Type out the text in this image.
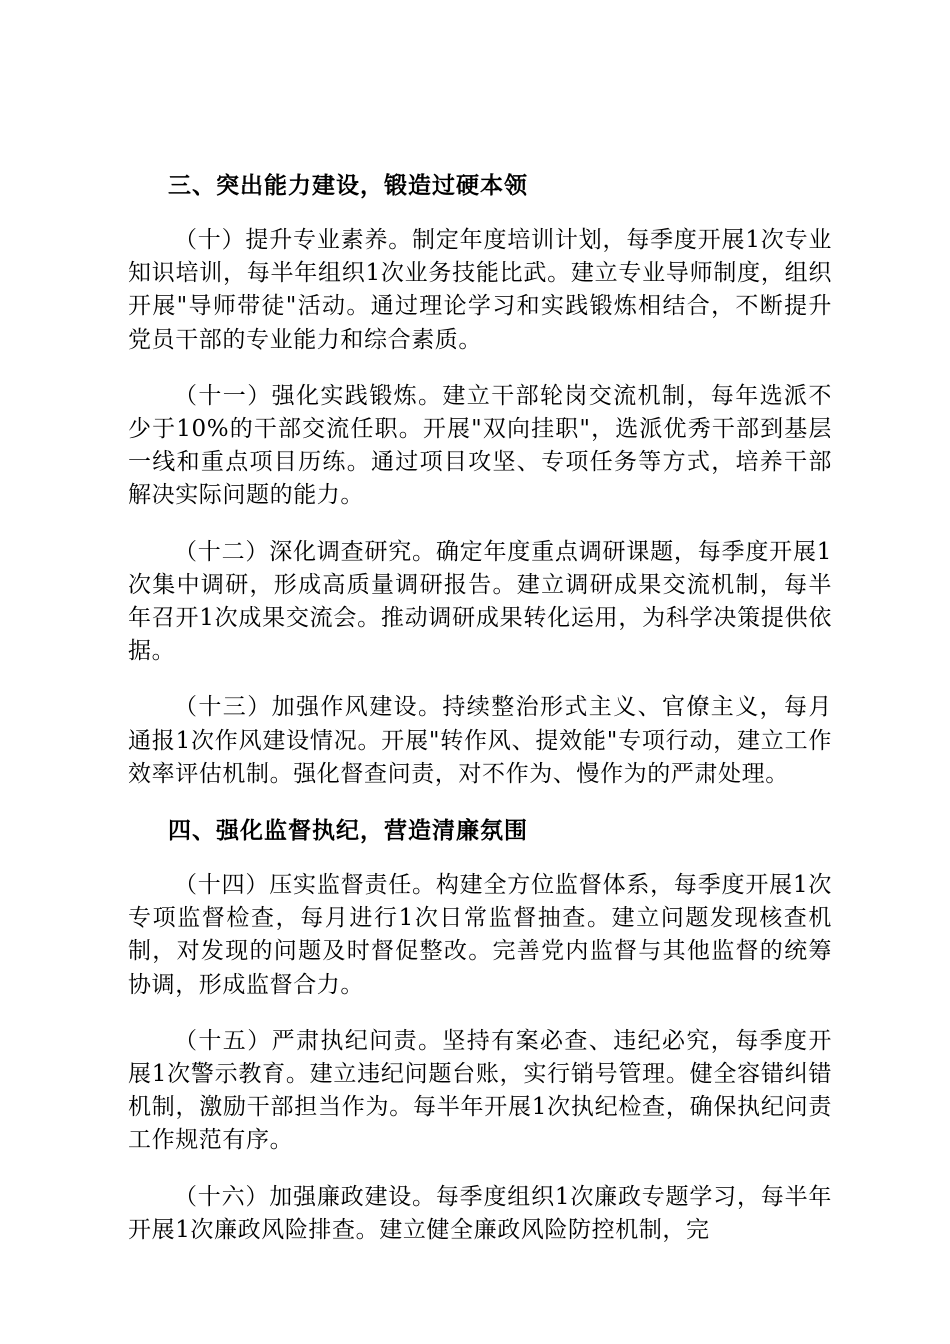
三、突出能力建设，锻造过硬本领

（十）提升专业素养。制定年度培训计划，每季度开展1次专业知识培训，每半年组织1次业务技能比武。建立专业导师制度，组织开展"导师带徒"活动。通过理论学习和实践锻炼相结合，不断提升党员干部的专业能力和综合素质。

（十一）强化实践锻炼。建立干部轮岗交流机制，每年选派不少于10%的干部交流任职。开展"双向挂职"，选派优秀干部到基层一线和重点项目历练。通过项目攻坚、专项任务等方式，培养干部解决实际问题的能力。

（十二）深化调查研究。确定年度重点调研课题，每季度开展1次集中调研，形成高质量调研报告。建立调研成果交流机制，每半年召开1次成果交流会。推动调研成果转化运用，为科学决策提供依据。

（十三）加强作风建设。持续整治形式主义、官僚主义，每月通报1次作风建设情况。开展"转作风、提效能"专项行动，建立工作效率评估机制。强化督查问责，对不作为、慢作为的严肃处理。

四、强化监督执纪，营造清廉氛围

（十四）压实监督责任。构建全方位监督体系，每季度开展1次专项监督检查，每月进行1次日常监督抽查。建立问题发现核查机制，对发现的问题及时督促整改。完善党内监督与其他监督的统筹协调，形成监督合力。

（十五）严肃执纪问责。坚持有案必查、违纪必究，每季度开展1次警示教育。建立违纪问题台账，实行销号管理。健全容错纠错机制，激励干部担当作为。每半年开展1次执纪检查，确保执纪问责工作规范有序。

（十六）加强廉政建设。每季度组织1次廉政专题学习，每半年开展1次廉政风险排查。建立健全廉政风险防控机制，完
